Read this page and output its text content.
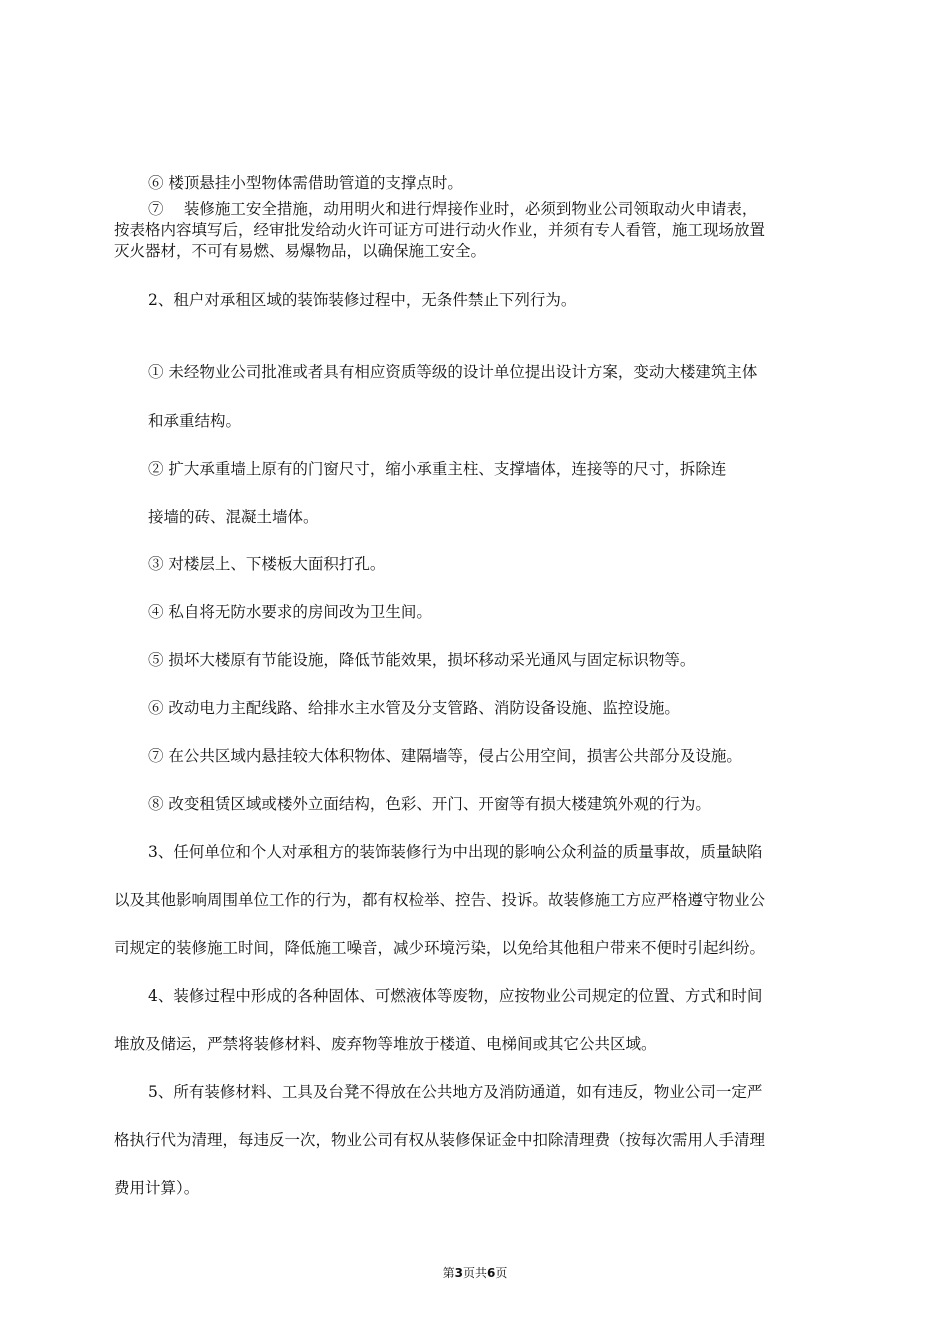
⑥ 楼顶悬挂小型物体需借助管道的支撑点时。
⑦　 装修施工安全措施，动用明火和进行焊接作业时，必须到物业公司领取动火申请表，
按表格内容填写后，经审批发给动火许可证方可进行动火作业，并须有专人看管，施工现场放置
灭火器材，不可有易燃、易爆物品，以确保施工安全。
2、租户对承租区域的装饰装修过程中，无条件禁止下列行为。
① 未经物业公司批准或者具有相应资质等级的设计单位提出设计方案，变动大楼建筑主体
和承重结构。
② 扩大承重墙上原有的门窗尺寸，缩小承重主柱、支撑墙体，连接等的尺寸，拆除连
接墙的砖、混凝土墙体。
③ 对楼层上、下楼板大面积打孔。
④ 私自将无防水要求的房间改为卫生间。
⑤ 损坏大楼原有节能设施，降低节能效果，损坏移动采光通风与固定标识物等。
⑥ 改动电力主配线路、给排水主水管及分支管路、消防设备设施、监控设施。
⑦ 在公共区域内悬挂较大体积物体、建隔墙等，侵占公用空间，损害公共部分及设施。
⑧ 改变租赁区域或楼外立面结构，色彩、开门、开窗等有损大楼建筑外观的行为。
3、任何单位和个人对承租方的装饰装修行为中出现的影响公众利益的质量事故，质量缺陷
以及其他影响周围单位工作的行为，都有权检举、控告、投诉。故装修施工方应严格遵守物业公
司规定的装修施工时间，降低施工噪音，减少环境污染，以免给其他租户带来不便时引起纠纷。
4、装修过程中形成的各种固体、可燃液体等废物，应按物业公司规定的位置、方式和时间
堆放及储运，严禁将装修材料、废弃物等堆放于楼道、电梯间或其它公共区域。
5、所有装修材料、工具及台凳不得放在公共地方及消防通道，如有违反，物业公司一定严
格执行代为清理，每违反一次，物业公司有权从装修保证金中扣除清理费（按每次需用人手清理
费用计算）。
第3页共6页
